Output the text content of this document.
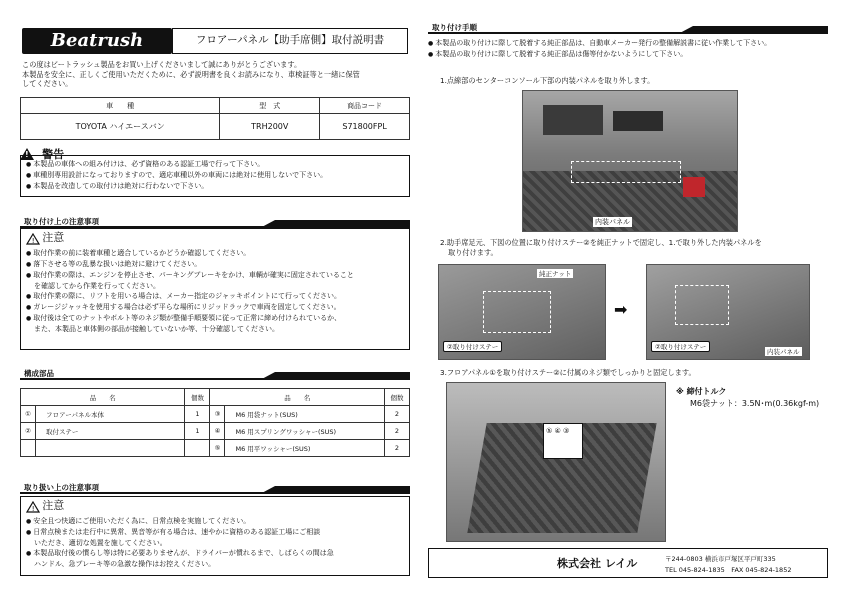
Beatrush	フロアーパネル【助手席側】取付説明書
この度はビートラッシュ製品をお買い上げくださいまして誠にありがとうございます。
本製品を安全に、正しくご使用いただくために、必ず説明書を良くお読みになり、車検証等と一緒に保管
してください。
車　　種	型　式	商品コード
TOYOTA ハイエースバン	TRH200V	S71800FPL
! 警告
● 本製品の車体への組み付けは、必ず資格のある認証工場で行って下さい。
● 車種別専用設計になっておりますので、適応車種以外の車両には絶対に使用しないで下さい。
● 本製品を改造しての取付けは絶対に行わないで下さい。
取り付け上の注意事項
! 注意
● 取付作業の前に装着車種と適合しているかどうか確認してください。
● 落下させる等の乱暴な扱いは絶対に避けてください。
● 取付作業の際は、エンジンを停止させ、パーキングブレーキをかけ、車輌が確実に固定されていること
を確認してから作業を行ってください。
● 取付作業の際に、リフトを用いる場合は、メーカー指定のジャッキポイントにて行ってください。
● ガレージジャッキを使用する場合は必ず平らな場所にリジッドラックで車両を固定してください。
● 取付後は全てのナットやボルト等のネジ類が整備手順要領に従って正常に締め付けられているか、
また、本製品と車体側の部品が接触していないか等、十分確認してください。
構成部品
品　　名		個数	品　　名		個数
①	フロアーパネル本体	1	③	M6 用袋ナット(SUS)	2
②	取付ステー	1	④	M6 用スプリングワッシャー(SUS)	2
			⑤	M6 用平ワッシャー(SUS)	2
取り扱い上の注意事項
! 注意
● 安全且つ快適にご使用いただく為に、日常点検を実施してください。
● 日常点検または走行中に異常、異音等が有る場合は、速やかに資格のある認証工場にご相談
いただき、適切な処置を施してください。
● 本製品取付後の慣らし等は特に必要ありませんが、ドライバーが慣れるまで、しばらくの間は急
ハンドル、急ブレーキ等の急激な操作はお控えください。
取り付け手順
● 本製品の取り付けに際して脱着する純正部品は、自動車メーカー発行の整備解説書に従い作業して下さい。
● 本製品の取り付けに際して脱着する純正部品は傷等付かないようにして下さい。
1.点線部のセンターコンソール下部の内装パネルを取り外します。
内装パネル
2.助手席足元、下図の位置に取り付けステー②を純正ナットで固定し、1.で取り外した内装パネルを
取り付けます。
純正ナット
②取り付けステー
➡
②取り付けステー
内装パネル
3.フロアパネル①を取り付けステー②に付属のネジ類でしっかりと固定します。
⑤ ④ ③
※ 締付トルク
M6袋ナット：3.5N･m(0.36kgf-m)
株式会社 レイル	〒244-0803 横浜市戸塚区平戸町335
TEL 045-824-1835　FAX 045-824-1852
